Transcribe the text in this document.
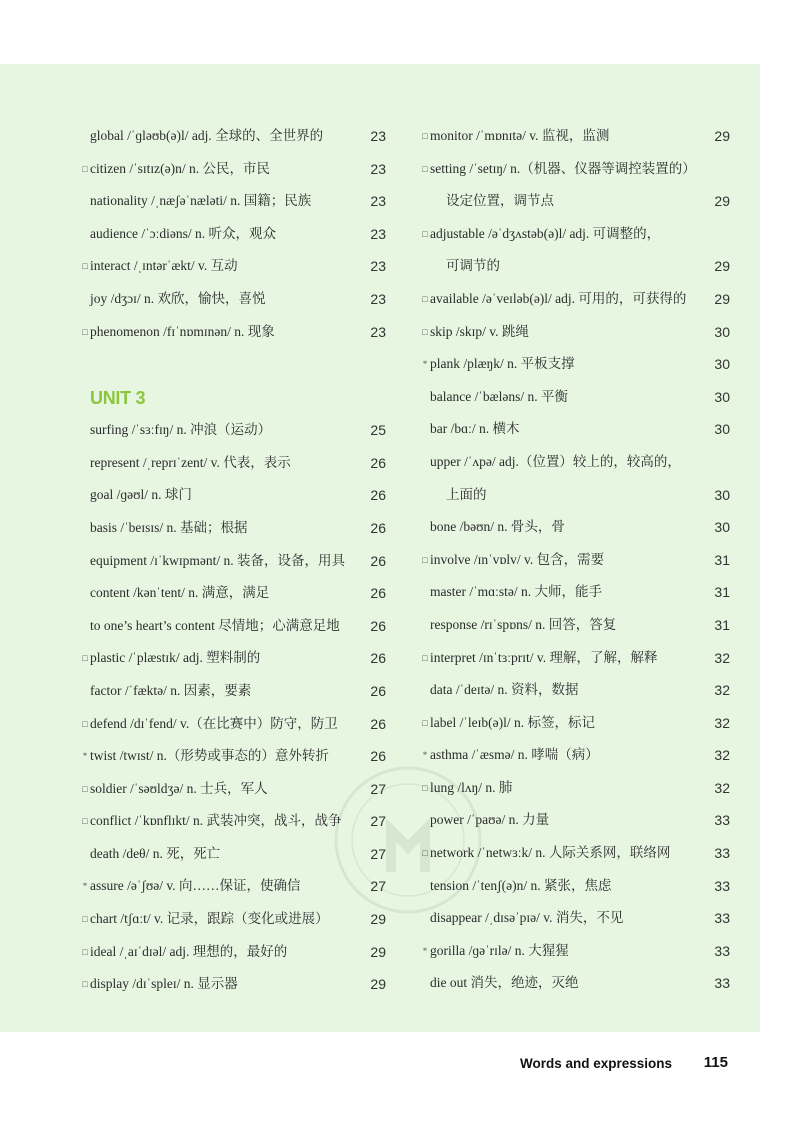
global /ˈɡləʊb(ə)l/ adj. 全球的、全世界的	23
□ citizen /ˈsɪtɪz(ə)n/ n. 公民，市民	23
nationality /ˌnæʃəˈnæləti/ n. 国籍；民族	23
audience /ˈɔːdiəns/ n. 听众，观众	23
□ interact /ˌɪntərˈækt/ v. 互动	23
joy /dʒɔɪ/ n. 欢欣，愉快，喜悦	23
□ phenomenon /fɪˈnɒmɪnən/ n. 现象	23
UNIT 3
surfing /ˈsɜːfɪŋ/ n. 冲浪（运动）	25
represent /ˌreprɪˈzent/ v. 代表，表示	26
goal /ɡəʊl/ n. 球门	26
basis /ˈbeɪsɪs/ n. 基础；根据	26
equipment /ɪˈkwɪpmənt/ n. 装备，设备，用具 26
content /kənˈtent/ n. 满意，满足	26
to one’s heart’s content 尽情地；心满意足地 26
□ plastic /ˈplæstɪk/ adj. 塑料制的	26
factor /ˈfæktə/ n. 因素，要素	26
□ defend /dɪˈfend/ v.（在比赛中）防守，防卫 26
* twist /twɪst/ n.（形势或事态的）意外转折	26
□ soldier /ˈsəʊldʒə/ n. 士兵，军人	27
□ conflict /ˈkɒnflɪkt/ n. 武装冲突，战斗，战争 27
death /deθ/ n. 死，死亡	27
* assure /əˈʃʊə/ v. 向……保证，使确信	27
□ chart /tʃɑːt/ v. 记录，跟踪（变化或进展）	29
□ ideal /ˌaɪˈdɪəl/ adj. 理想的，最好的	29
□ display /dɪˈspleɪ/ n. 显示器	29
□ monitor /ˈmɒnɪtə/ v. 监视，监测	29
□ setting /ˈsetɪŋ/ n.（机器、仪器等调控装置的）
设定位置，调节点	29
□ adjustable /əˈdʒʌstəb(ə)l/ adj. 可调整的，
可调节的	29
□ available /əˈveɪləb(ə)l/ adj. 可用的，可获得的 29
□ skip /skɪp/ v. 跳绳	30
* plank /plæŋk/ n. 平板支撑	30
balance /ˈbæləns/ n. 平衡	30
bar /bɑː/ n. 横木	30
upper /ˈʌpə/ adj.（位置）较上的，较高的，
上面的	30
bone /bəʊn/ n. 骨头，骨	30
□ involve /ɪnˈvɒlv/ v. 包含，需要	31
master /ˈmɑːstə/ n. 大师，能手	31
response /rɪˈspɒns/ n. 回答，答复	31
□ interpret /ɪnˈtɜːprɪt/ v. 理解，了解，解释	32
data /ˈdeɪtə/ n. 资料，数据	32
□ label /ˈleɪb(ə)l/ n. 标签，标记	32
* asthma /ˈæsmə/ n. 哮喘（病）	32
□ lung /lʌŋ/ n. 肺	32
power /ˈpaʊə/ n. 力量	33
□ network /ˈnetwɜːk/ n. 人际关系网，联络网	33
tension /ˈtenʃ(ə)n/ n. 紧张，焦虑	33
disappear /ˌdɪsəˈpɪə/ v. 消失，不见	33
* gorilla /ɡəˈrɪlə/ n. 大猩猩	33
die out 消失，绝迹，灭绝	33
Words and expressions 115
